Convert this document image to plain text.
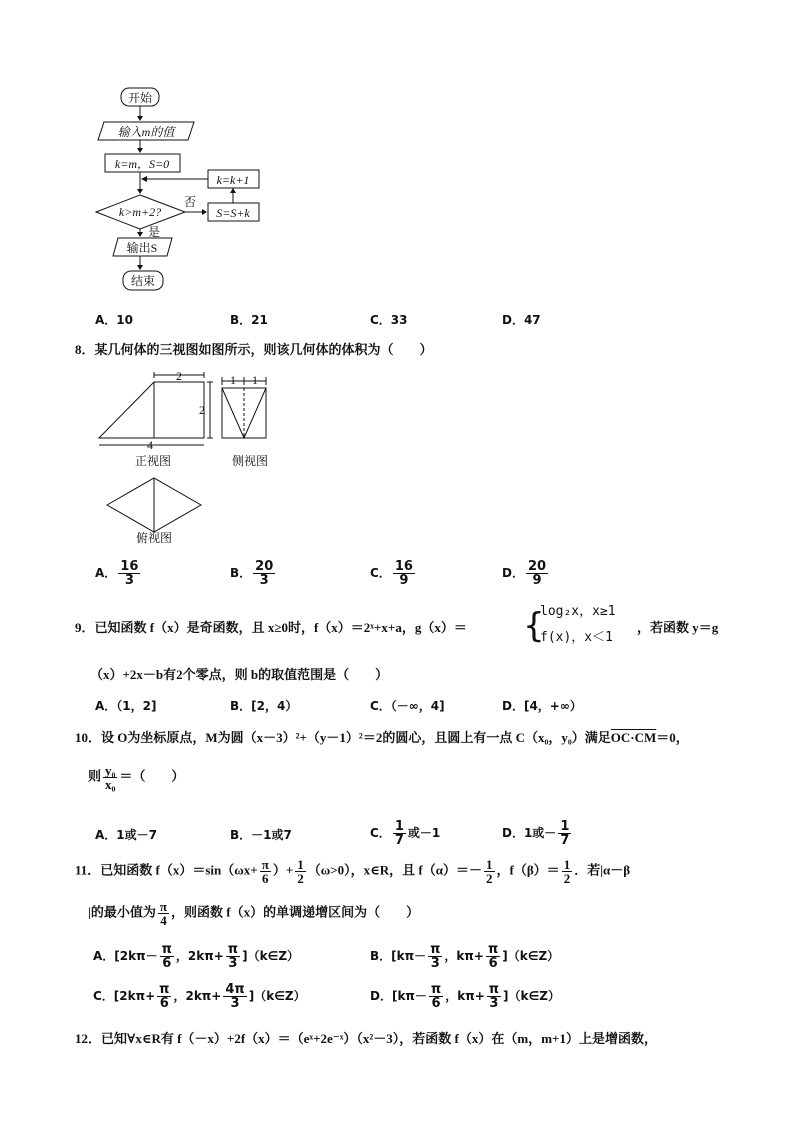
开始
输入m的值
k=m，S=0
k=k+1
否
k>m+2?	S=S+k
是
输出S
结束
A．10	B．21	C．33	D．47
8．某几何体的三视图如图所示，则该几何体的体积为（　　）
2
2
4
1 1
正视图	侧视图
俯视图
A． $\frac{16}{3}$	B． $\frac{20}{3}$	C． $\frac{16}{9}$	D． $\frac{20}{9}$
9．已知函数 f（x）是奇函数，且 x≥0时，f（x）＝2ˣ+x+a，g（x）＝ {
log₂x，x≥1
f(x)，x＜1
，若函数 y＝g
（x）+2x－b有2个零点，则 b的取值范围是（　　）
A．（1，2]	B．[2，4）	C．（－∞，4]	D．[4，+∞）
10．设 O为坐标原点，M为圆（x－3）²+（y－1）²＝2的圆心，且圆上有一点 C（x₀，y₀）满足OC·CM＝0，
则 $\frac{\text{y₀}}{\text{x₀}}$ ＝（　　）
A．1或－7	B．－1或7	C． $\frac{1}{7}$ 或－1	D．1或－ $\frac{1}{7}$
11．已知函数 $f(x)=\sin(\omega x+ \frac{\pi}{6}$ ）+ $\frac{1}{2} (\omega>0)$，x∈R，且 $f(\alpha)=- \frac{1}{2}$ ，$f(\beta)= \frac{1}{2}$ ．若|α－β
|的最小值为 $\frac{\pi}{4}$ ，则函数 f（x）的单调递增区间为（　　）
A．[$2k\pi- \frac{\pi}{6}$ ，$2k\pi+ \frac{\pi}{3}$ ]（k∈Z）	B．[$k\pi- \frac{\pi}{3}$ ，$k\pi+ \frac{\pi}{6}$ ]（k∈Z）
C．[$2k\pi+ \frac{\pi}{6}$ ，$2k\pi+ \frac{4\pi}{3}$ ]（k∈Z）	D．[$k\pi- \frac{\pi}{6}$ ，$k\pi+ \frac{\pi}{3}$ ]（k∈Z）
12．已知∀x∈R有 f（－x）+2f（x）＝（eˣ+2e⁻ˣ）（x²－3），若函数 f（x）在（m，m+1）上是增函数，
